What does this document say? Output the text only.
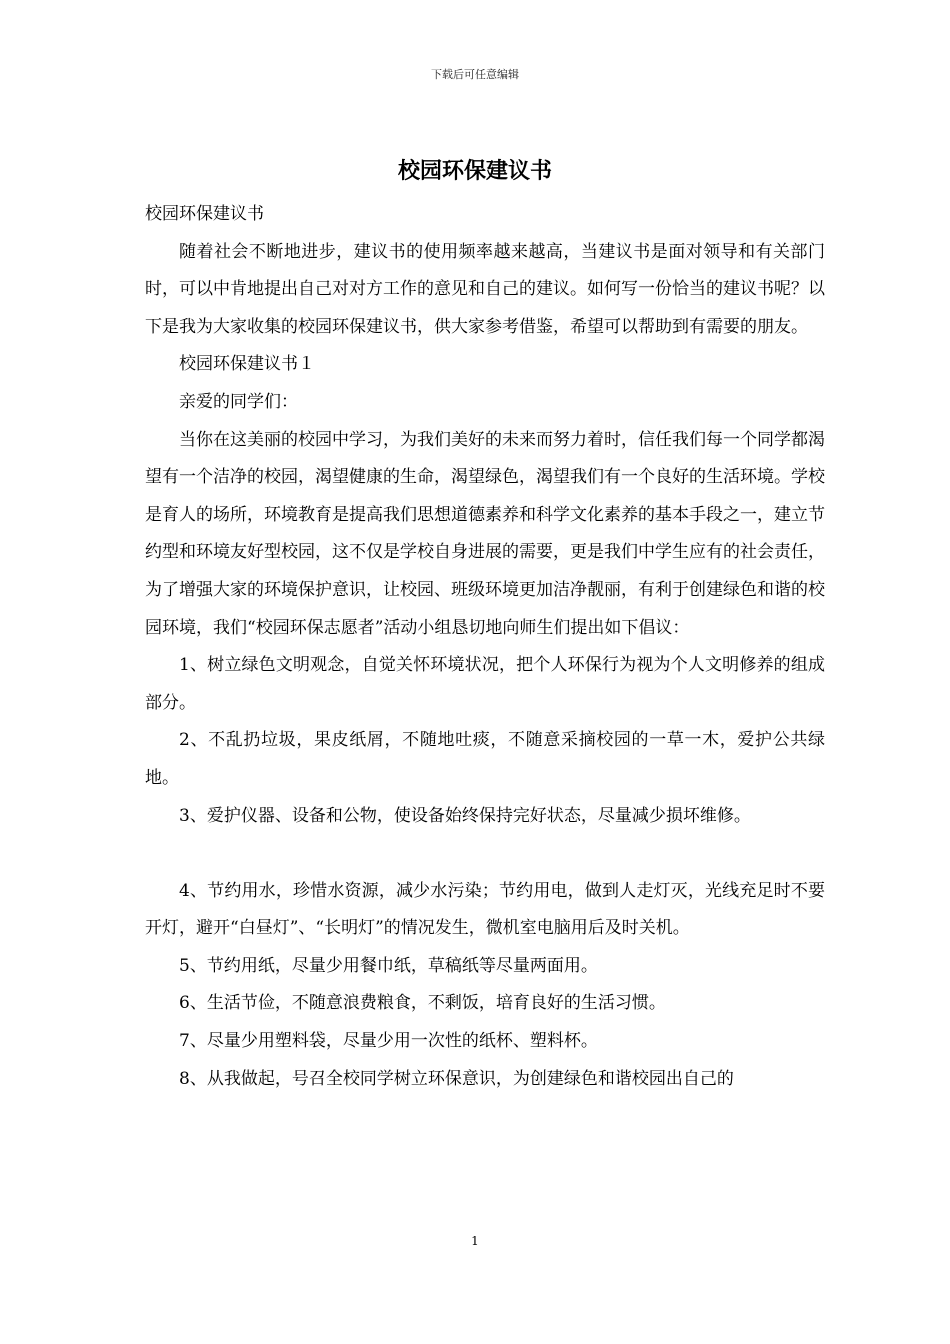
下载后可任意编辑
校园环保建议书

校园环保建议书

随着社会不断地进步，建议书的使用频率越来越高，当建议书是面对领导和有关部门时，可以中肯地提出自己对对方工作的意见和自己的建议。如何写一份恰当的建议书呢？以下是我为大家收集的校园环保建议书，供大家参考借鉴，希望可以帮助到有需要的朋友。

校园环保建议书１

亲爱的同学们：

当你在这美丽的校园中学习，为我们美好的未来而努力着时，信任我们每一个同学都渴望有一个洁净的校园，渴望健康的生命，渴望绿色，渴望我们有一个良好的生活环境。学校是育人的场所，环境教育是提高我们思想道德素养和科学文化素养的基本手段之一，建立节约型和环境友好型校园，这不仅是学校自身进展的需要，更是我们中学生应有的社会责任，为了增强大家的环境保护意识，让校园、班级环境更加洁净靓丽，有利于创建绿色和谐的校园环境，我们“校园环保志愿者”活动小组恳切地向师生们提出如下倡议：

1、树立绿色文明观念，自觉关怀环境状况，把个人环保行为视为个人文明修养的组成部分。

2、不乱扔垃圾，果皮纸屑，不随地吐痰，不随意采摘校园的一草一木，爱护公共绿地。

3、爱护仪器、设备和公物，使设备始终保持完好状态，尽量减少损坏维修。

4、节约用水，珍惜水资源，减少水污染；节约用电，做到人走灯灭，光线充足时不要开灯，避开“白昼灯”、“长明灯”的情况发生，微机室电脑用后及时关机。

5、节约用纸，尽量少用餐巾纸，草稿纸等尽量两面用。

6、生活节俭，不随意浪费粮食，不剩饭，培育良好的生活习惯。

7、尽量少用塑料袋，尽量少用一次性的纸杯、塑料杯。

8、从我做起，号召全校同学树立环保意识，为创建绿色和谐校园出自己的

1
